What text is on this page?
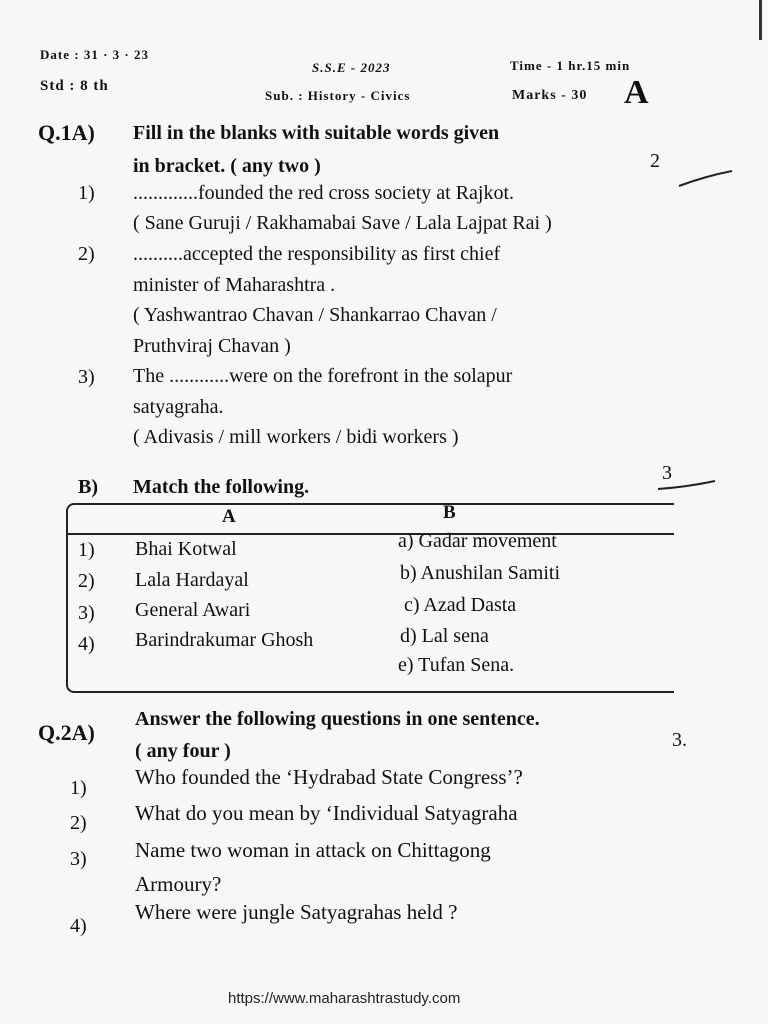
Date : 31 · 3 · 23
Std : 8 th
S.S.E - 2023	Time - 1 hr.15 min
Sub. : History - Civics	Marks - 30 A
Q.1A) Fill in the blanks with suitable words given
in bracket. ( any two )	2
1) .............founded the red cross society at Rajkot.
( Sane Guruji / Rakhamabai Save / Lala Lajpat Rai )
2) ..........accepted the responsibility as first chief
minister of Maharashtra .
( Yashwantrao Chavan / Shankarrao Chavan /
Pruthviraj Chavan )
3) The ............were on the forefront in the solapur
satyagraha.
( Adivasis / mill workers / bidi workers )
B) Match the following.
3
A	B
1) Bhai Kotwal	a) Gadar movement
2) Lala Hardayal	b) Anushilan Samiti
3) General Awari	c) Azad Dasta
4) Barindrakumar Ghosh	d) Lal sena
e) Tufan Sena.
Q.2A)
Answer the following questions in one sentence.
( any four )	3.
1) Who founded the ‘Hydrabad State Congress’?
2) What do you mean by ‘Individual Satyagraha
3) Name two woman in attack on Chittagong
Armoury?
4)
Where were jungle Satyagrahas held ?
https://www.maharashtrastudy.com
